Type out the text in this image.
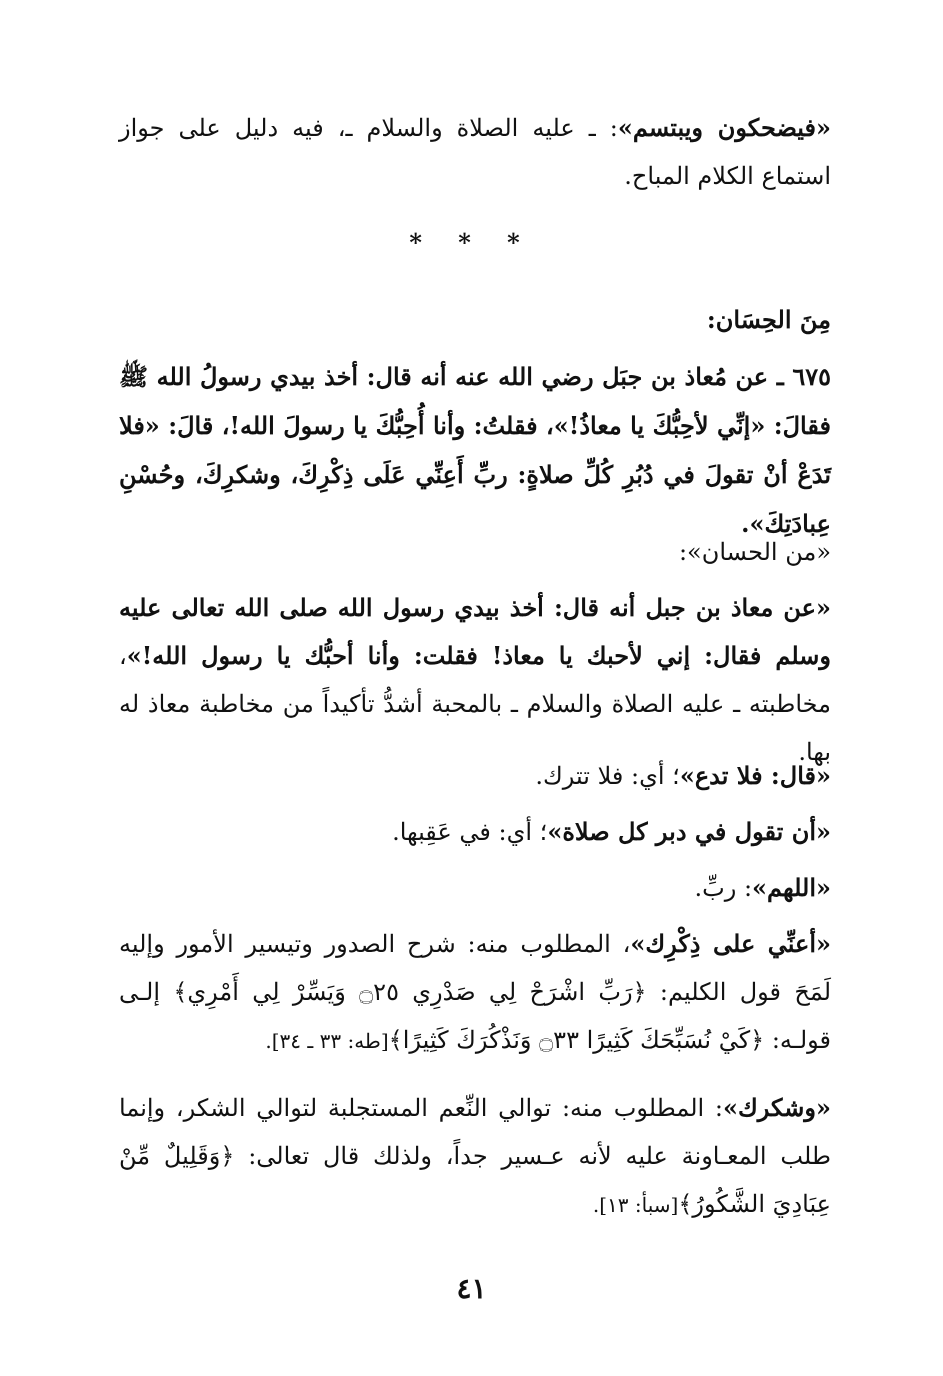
«فيضحكون ويبتسم»: ـ عليه الصلاة والسلام ـ، فيه دليل على جواز استماع الكلام المباح.

* * *

مِنَ الحِسَان:

٦٧٥ ـ عن مُعاذ بن جبَل رضي الله عنه أنه قال: أخذ بيدي رسولُ الله ﷺ فقالَ: «إنِّي لأحِبُّكَ يا معاذُ!»، فقلتُ: وأنا أُحِبُّكَ يا رسولَ الله!، قالَ: «فلا تَدَعْ أنْ تقولَ في دُبُرِ كُلِّ صلاةٍ: ربِّ أَعِنِّي عَلَى ذِكْرِكَ، وشكرِكَ، وحُسْنِ عِبادَتِكَ».

«من الحسان»:

«عن معاذ بن جبل أنه قال: أخذ بيدي رسول الله صلى الله تعالى عليه وسلم فقال: إني لأحبك يا معاذ! فقلت: وأنا أحبُّك يا رسول الله!»، مخاطبته ـ عليه الصلاة والسلام ـ بالمحبة أشدُّ تأكيداً من مخاطبة معاذ له بها.

«قال: فلا تدع»؛ أي: فلا تترك.

«أن تقول في دبر كل صلاة»؛ أي: في عَقِبها.

«اللهم»: ربِّ.

«أعنِّي على ذِكْرِك»، المطلوب منه: شرح الصدور وتيسير الأمور وإليه لَمَحَ قول الكليم: ﴿رَبِّ اشْرَحْ لِي صَدْرِي ۝٢٥ وَيَسِّرْ لِي أَمْرِي﴾ إلـى قولـه: ﴿كَيْ نُسَبِّحَكَ كَثِيرًا ۝٣٣ وَنَذْكُرَكَ كَثِيرًا﴾[طه: ٣٣ ـ ٣٤].

«وشكرك»: المطلوب منه: توالي النِّعم المستجلبة لتوالي الشكر، وإنما طلب المعـاونة عليه لأنه عـسير جداً، ولذلك قال تعالى: ﴿وَقَلِيلٌ مِّنْ عِبَادِيَ الشَّكُورُ﴾[سبأ: ١٣].

٤١
